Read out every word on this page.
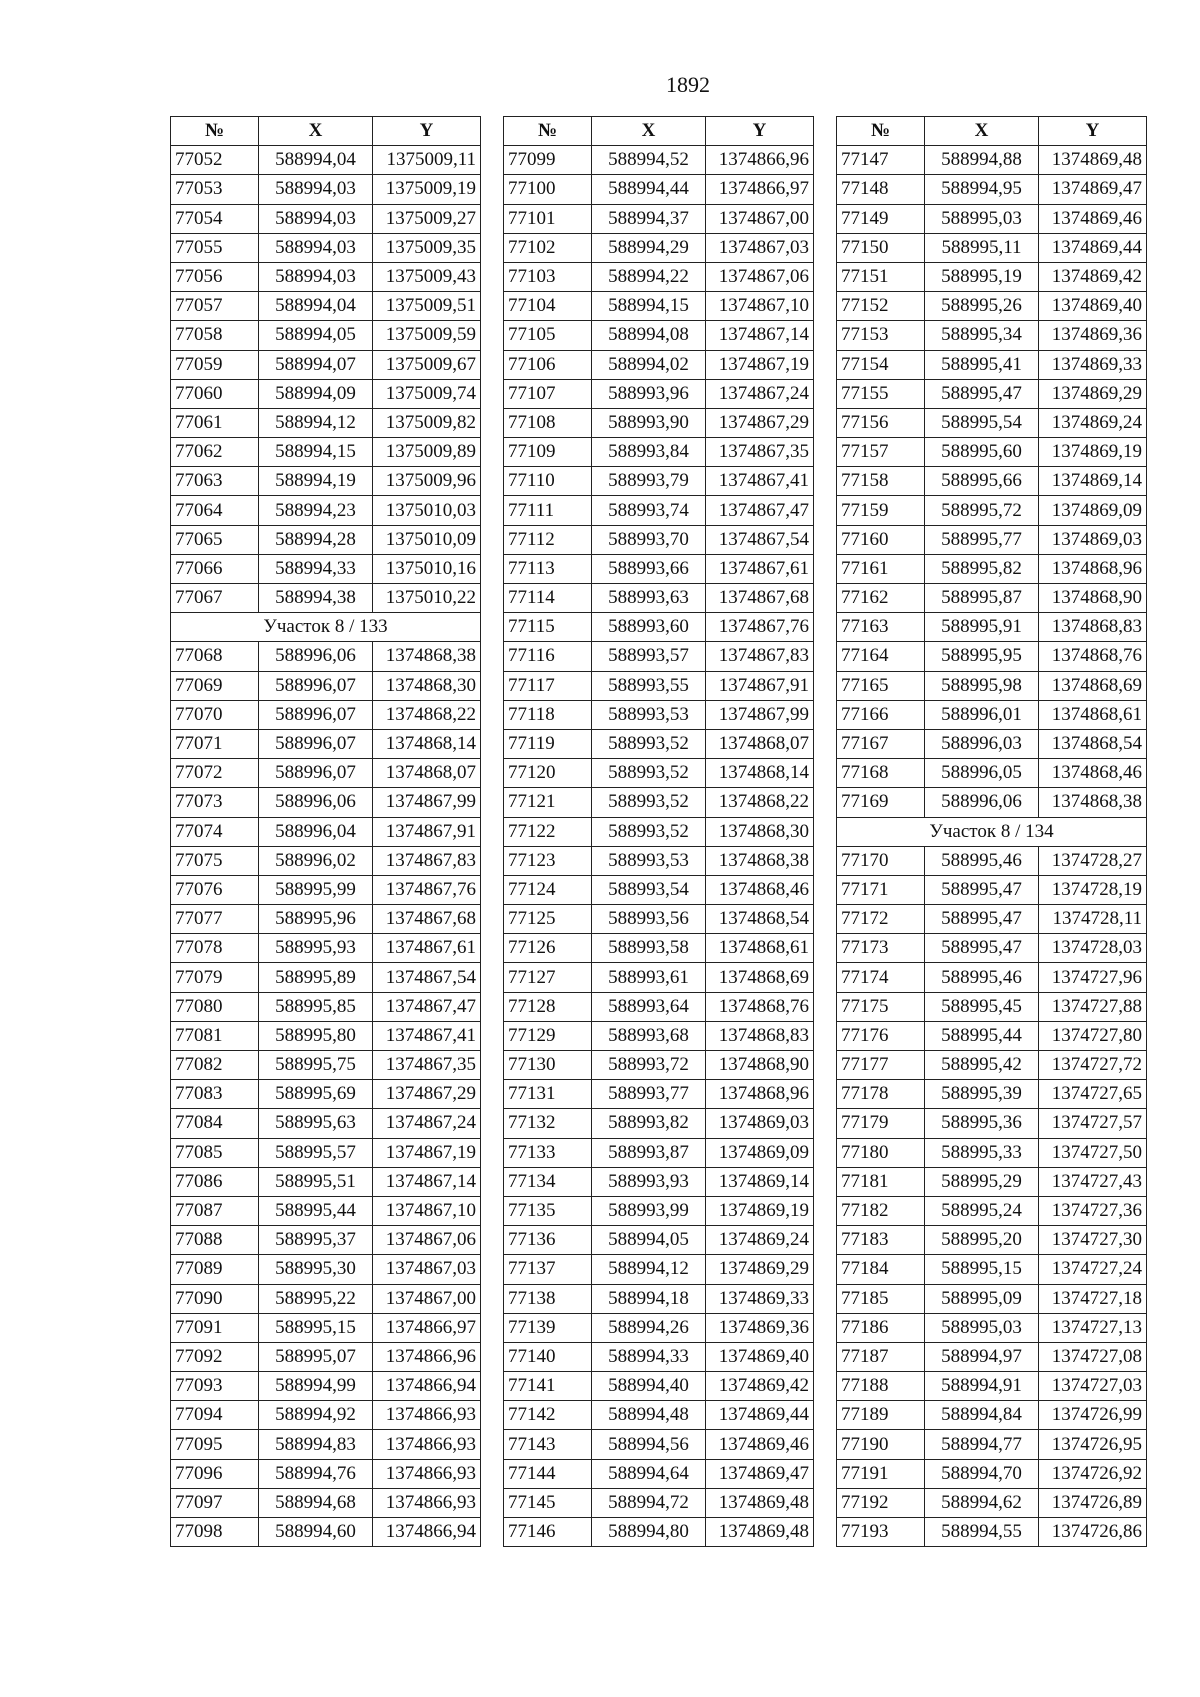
1892
№	X	Y
77052	588994,04	1375009,11
77053	588994,03	1375009,19
77054	588994,03	1375009,27
77055	588994,03	1375009,35
77056	588994,03	1375009,43
77057	588994,04	1375009,51
77058	588994,05	1375009,59
77059	588994,07	1375009,67
77060	588994,09	1375009,74
77061	588994,12	1375009,82
77062	588994,15	1375009,89
77063	588994,19	1375009,96
77064	588994,23	1375010,03
77065	588994,28	1375010,09
77066	588994,33	1375010,16
77067	588994,38	1375010,22
Участок 8 / 133		
77068	588996,06	1374868,38
77069	588996,07	1374868,30
77070	588996,07	1374868,22
77071	588996,07	1374868,14
77072	588996,07	1374868,07
77073	588996,06	1374867,99
77074	588996,04	1374867,91
77075	588996,02	1374867,83
77076	588995,99	1374867,76
77077	588995,96	1374867,68
77078	588995,93	1374867,61
77079	588995,89	1374867,54
77080	588995,85	1374867,47
77081	588995,80	1374867,41
77082	588995,75	1374867,35
77083	588995,69	1374867,29
77084	588995,63	1374867,24
77085	588995,57	1374867,19
77086	588995,51	1374867,14
77087	588995,44	1374867,10
77088	588995,37	1374867,06
77089	588995,30	1374867,03
77090	588995,22	1374867,00
77091	588995,15	1374866,97
77092	588995,07	1374866,96
77093	588994,99	1374866,94
77094	588994,92	1374866,93
77095	588994,83	1374866,93
77096	588994,76	1374866,93
77097	588994,68	1374866,93
77098	588994,60	1374866,94
№	X	Y
77099	588994,52	1374866,96
77100	588994,44	1374866,97
77101	588994,37	1374867,00
77102	588994,29	1374867,03
77103	588994,22	1374867,06
77104	588994,15	1374867,10
77105	588994,08	1374867,14
77106	588994,02	1374867,19
77107	588993,96	1374867,24
77108	588993,90	1374867,29
77109	588993,84	1374867,35
77110	588993,79	1374867,41
77111	588993,74	1374867,47
77112	588993,70	1374867,54
77113	588993,66	1374867,61
77114	588993,63	1374867,68
77115	588993,60	1374867,76
77116	588993,57	1374867,83
77117	588993,55	1374867,91
77118	588993,53	1374867,99
77119	588993,52	1374868,07
77120	588993,52	1374868,14
77121	588993,52	1374868,22
77122	588993,52	1374868,30
77123	588993,53	1374868,38
77124	588993,54	1374868,46
77125	588993,56	1374868,54
77126	588993,58	1374868,61
77127	588993,61	1374868,69
77128	588993,64	1374868,76
77129	588993,68	1374868,83
77130	588993,72	1374868,90
77131	588993,77	1374868,96
77132	588993,82	1374869,03
77133	588993,87	1374869,09
77134	588993,93	1374869,14
77135	588993,99	1374869,19
77136	588994,05	1374869,24
77137	588994,12	1374869,29
77138	588994,18	1374869,33
77139	588994,26	1374869,36
77140	588994,33	1374869,40
77141	588994,40	1374869,42
77142	588994,48	1374869,44
77143	588994,56	1374869,46
77144	588994,64	1374869,47
77145	588994,72	1374869,48
77146	588994,80	1374869,48
№	X	Y
77147	588994,88	1374869,48
77148	588994,95	1374869,47
77149	588995,03	1374869,46
77150	588995,11	1374869,44
77151	588995,19	1374869,42
77152	588995,26	1374869,40
77153	588995,34	1374869,36
77154	588995,41	1374869,33
77155	588995,47	1374869,29
77156	588995,54	1374869,24
77157	588995,60	1374869,19
77158	588995,66	1374869,14
77159	588995,72	1374869,09
77160	588995,77	1374869,03
77161	588995,82	1374868,96
77162	588995,87	1374868,90
77163	588995,91	1374868,83
77164	588995,95	1374868,76
77165	588995,98	1374868,69
77166	588996,01	1374868,61
77167	588996,03	1374868,54
77168	588996,05	1374868,46
77169	588996,06	1374868,38
Участок 8 / 134		
77170	588995,46	1374728,27
77171	588995,47	1374728,19
77172	588995,47	1374728,11
77173	588995,47	1374728,03
77174	588995,46	1374727,96
77175	588995,45	1374727,88
77176	588995,44	1374727,80
77177	588995,42	1374727,72
77178	588995,39	1374727,65
77179	588995,36	1374727,57
77180	588995,33	1374727,50
77181	588995,29	1374727,43
77182	588995,24	1374727,36
77183	588995,20	1374727,30
77184	588995,15	1374727,24
77185	588995,09	1374727,18
77186	588995,03	1374727,13
77187	588994,97	1374727,08
77188	588994,91	1374727,03
77189	588994,84	1374726,99
77190	588994,77	1374726,95
77191	588994,70	1374726,92
77192	588994,62	1374726,89
77193	588994,55	1374726,86
